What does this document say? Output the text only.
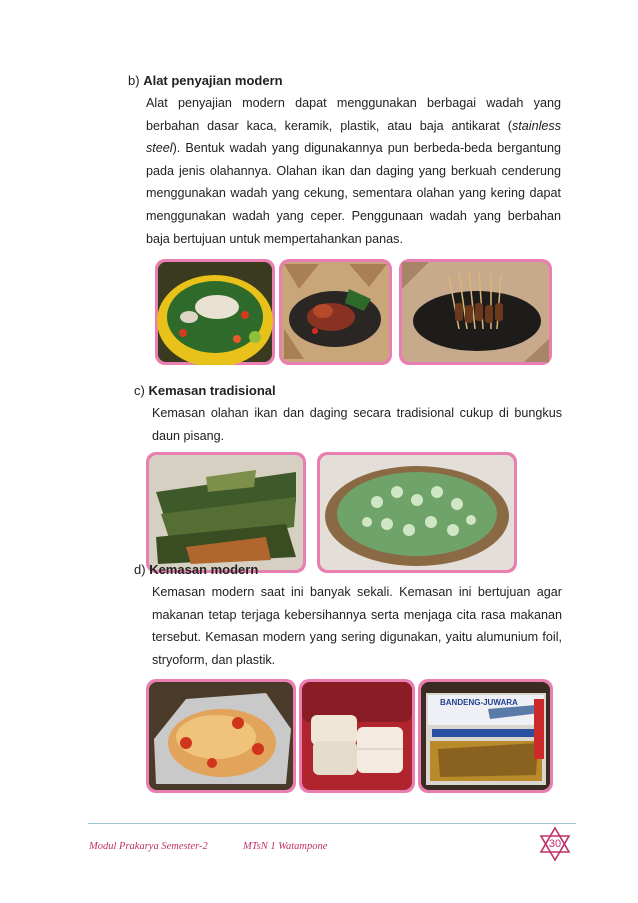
b) Alat penyajian modern
Alat penyajian modern dapat menggunakan berbagai wadah yang
berbahan dasar kaca, keramik, plastik, atau baja antikarat (stainless
steel). Bentuk wadah yang digunakannya pun berbeda-beda bergantung
pada jenis olahannya. Olahan ikan dan daging yang berkuah cenderung
menggunakan wadah yang cekung, sementara olahan yang kering dapat
menggunakan wadah yang ceper. Penggunaan wadah yang berbahan
baja bertujuan untuk mempertahankan panas.
c) Kemasan tradisional
Kemasan olahan ikan dan daging secara tradisional cukup di bungkus
daun pisang.
d) Kemasan modern
Kemasan modern saat ini banyak sekali. Kemasan ini bertujuan agar
makanan tetap terjaga kebersihannya serta menjaga cita rasa makanan
tersebut. Kemasan modern yang sering digunakan, yaitu alumunium foil,
stryoform, dan plastik.
BANDENG-JUWARA
Modul Prakarya Semester-2	MTsN 1 Watampone	30
